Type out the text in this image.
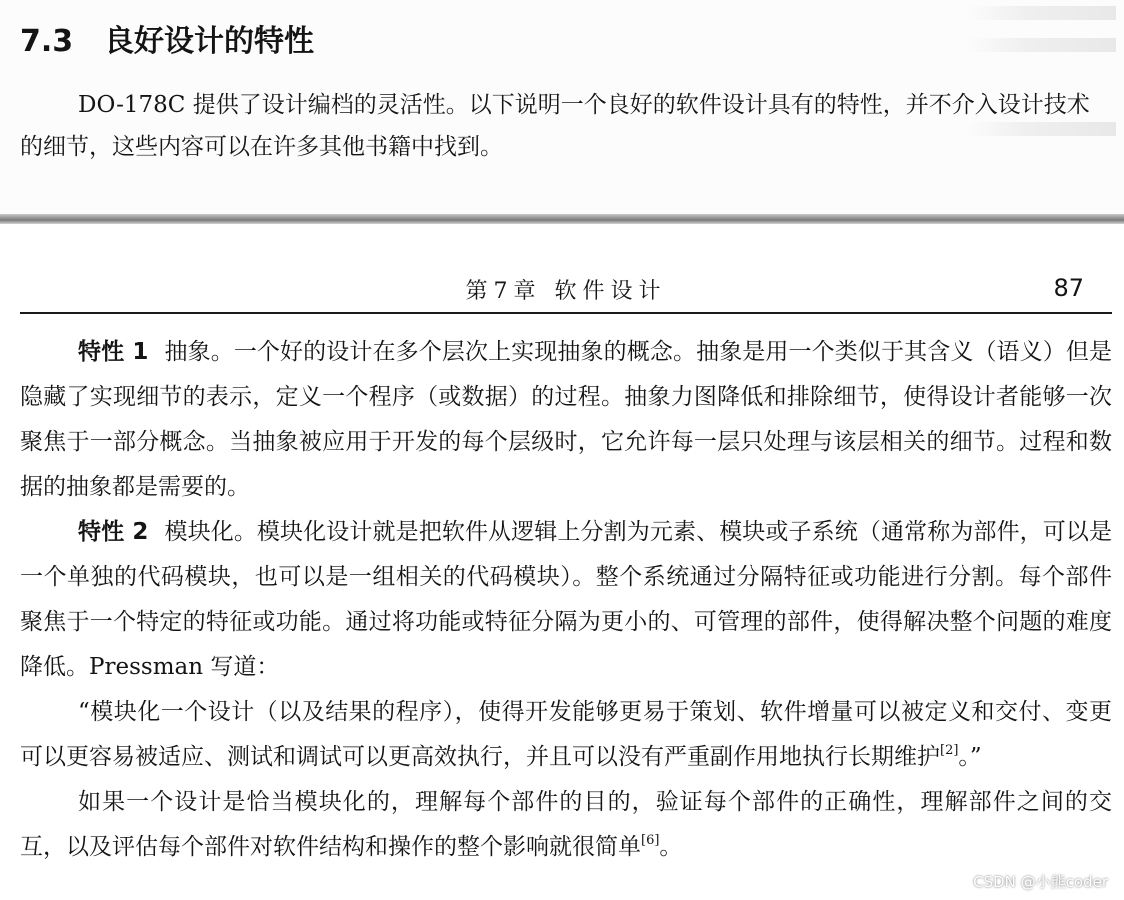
7.3 良好设计的特性

DO-178C 提供了设计编档的灵活性。以下说明一个良好的软件设计具有的特性，并不介入设计技术的细节，这些内容可以在许多其他书籍中找到。

第7章 软件设计	87

特性 1 抽象。一个好的设计在多个层次上实现抽象的概念。抽象是用一个类似于其含义（语义）但是隐藏了实现细节的表示，定义一个程序（或数据）的过程。抽象力图降低和排除细节，使得设计者能够一次聚焦于一部分概念。当抽象被应用于开发的每个层级时，它允许每一层只处理与该层相关的细节。过程和数据的抽象都是需要的。

特性 2 模块化。模块化设计就是把软件从逻辑上分割为元素、模块或子系统（通常称为部件，可以是一个单独的代码模块，也可以是一组相关的代码模块）。整个系统通过分隔特征或功能进行分割。每个部件聚焦于一个特定的特征或功能。通过将功能或特征分隔为更小的、可管理的部件，使得解决整个问题的难度降低。Pressman 写道：

“模块化一个设计（以及结果的程序），使得开发能够更易于策划、软件增量可以被定义和交付、变更可以更容易被适应、测试和调试可以更高效执行，并且可以没有严重副作用地执行长期维护[2]。”

如果一个设计是恰当模块化的，理解每个部件的目的，验证每个部件的正确性，理解部件之间的交互，以及评估每个部件对软件结构和操作的整个影响就很简单[6]。

CSDN @小熊coder
